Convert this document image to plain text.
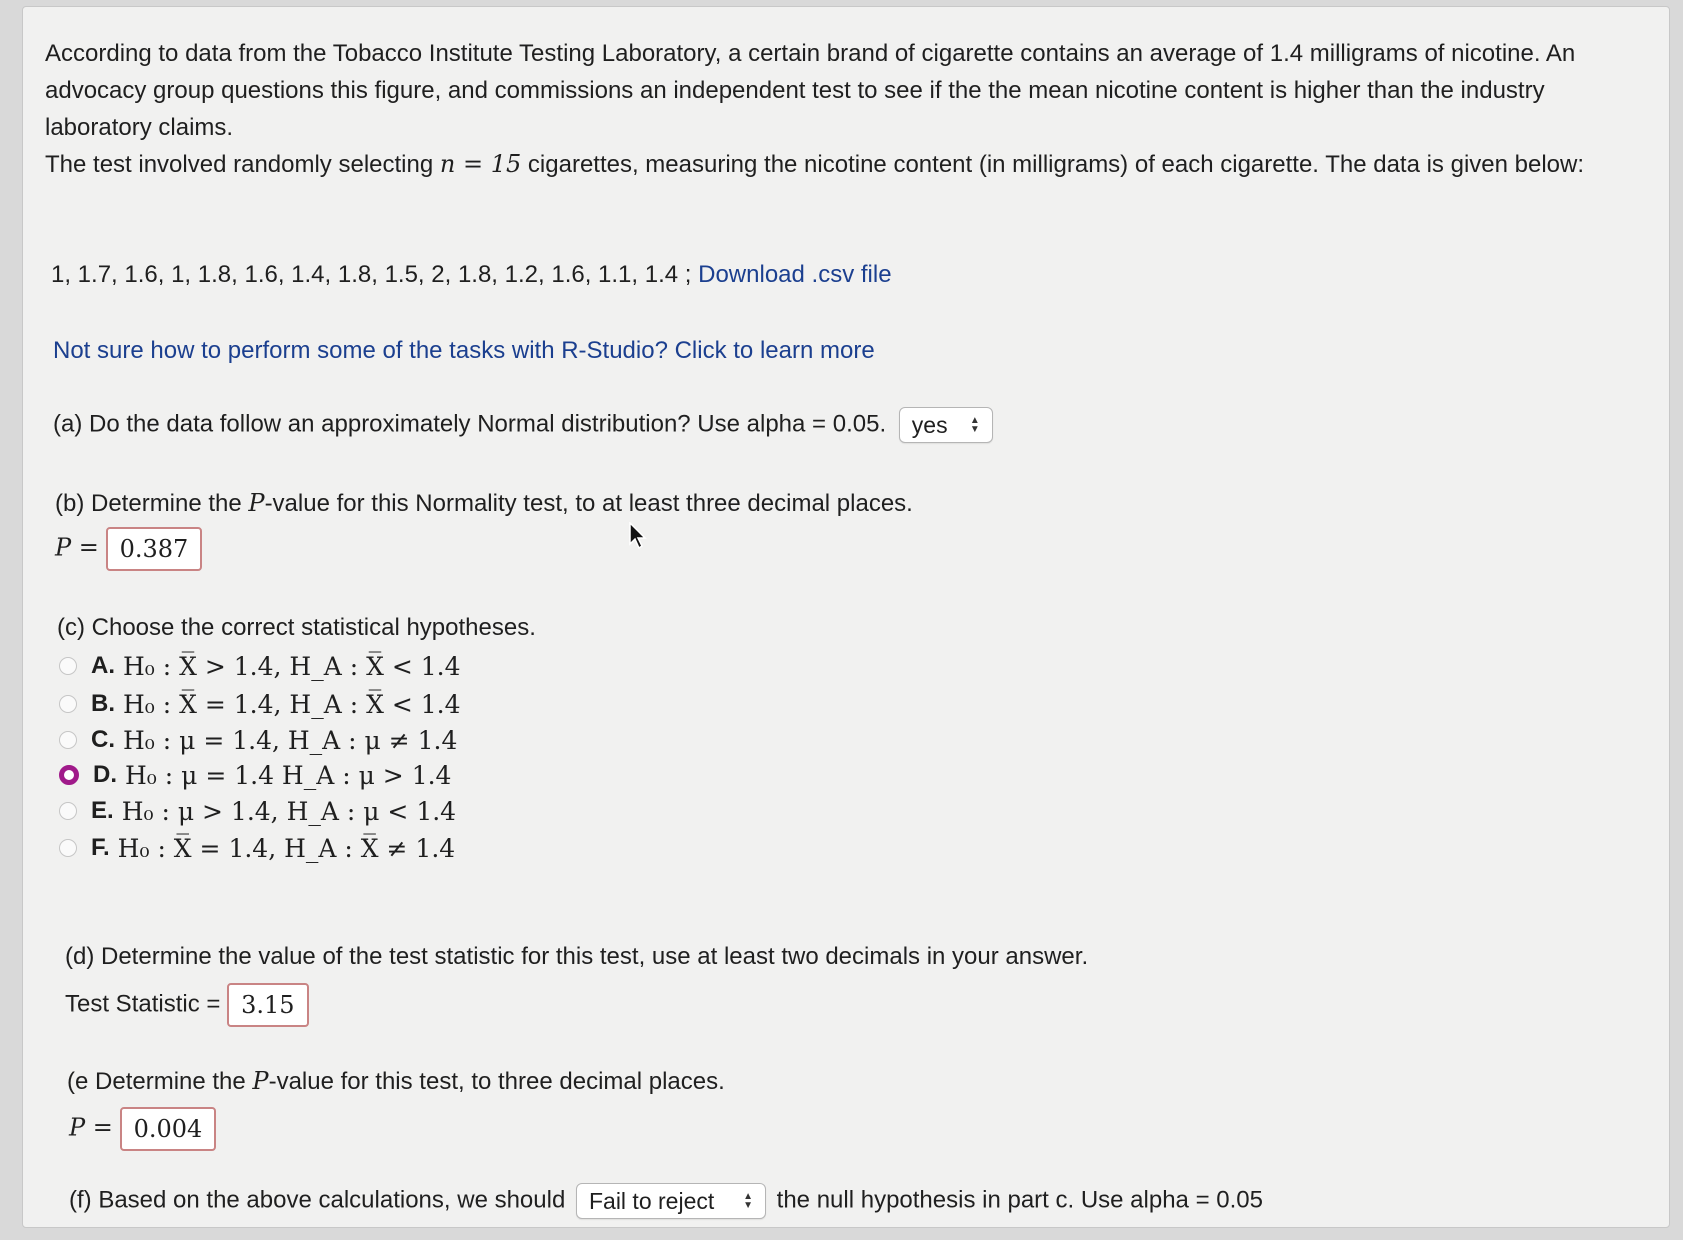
According to data from the Tobacco Institute Testing Laboratory, a certain brand of cigarette contains an average of 1.4 milligrams of nicotine. An advocacy group questions this figure, and commissions an independent test to see if the the mean nicotine content is higher than the industry laboratory claims.

The test involved randomly selecting n = 15 cigarettes, measuring the nicotine content (in milligrams) of each cigarette. The data is given below:

1, 1.7, 1.6, 1, 1.8, 1.6, 1.4, 1.8, 1.5, 2, 1.8, 1.2, 1.6, 1.1, 1.4 ; Download .csv file
Not sure how to perform some of the tasks with R-Studio? Click to learn more
(a) Do the data follow an approximately Normal distribution? Use alpha = 0.05. yes ▲
▼
(b) Determine the P-value for this Normality test, to at least three decimal places.
P = 0.387
(c) Choose the correct statistical hypotheses.
A. H₀ : X̅ > 1.4, H_A : X̅ < 1.4
B. H₀ : X̅ = 1.4, H_A : X̅ < 1.4
C. H₀ : μ = 1.4, H_A : μ ≠ 1.4
D. H₀ : μ = 1.4 H_A : μ > 1.4
E. H₀ : μ > 1.4, H_A : μ < 1.4
F. H₀ : X̅ = 1.4, H_A : X̅ ≠ 1.4
(d) Determine the value of the test statistic for this test, use at least two decimals in your answer.
Test Statistic = 3.15
(e Determine the P-value for this test, to three decimal places.
P = 0.004
(f) Based on the above calculations, we should Fail to reject	▲
▼ the null hypothesis in part c. Use alpha = 0.05
